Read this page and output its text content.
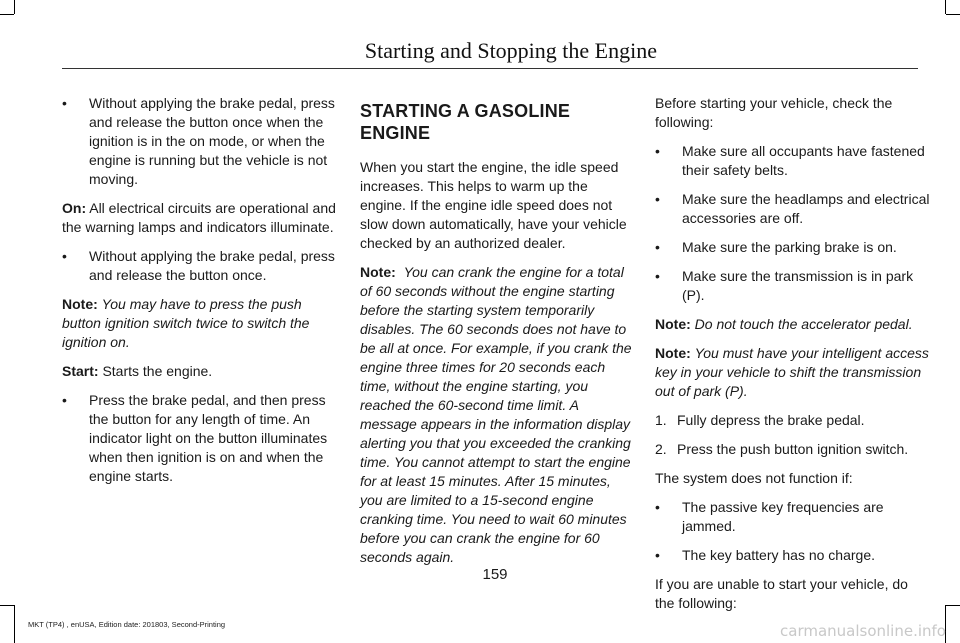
Starting and Stopping the Engine
•	Without applying the brake pedal, press and release the button once when the ignition is in the on mode, or when the engine is running but the vehicle is not moving.

On: All electrical circuits are operational and the warning lamps and indicators illuminate.

•	Without applying the brake pedal, press and release the button once.

Note: You may have to press the push button ignition switch twice to switch the ignition on.

Start: Starts the engine.

•	Press the brake pedal, and then press the button for any length of time. An indicator light on the button illuminates when then ignition is on and when the engine starts.
STARTING A GASOLINE ENGINE

When you start the engine, the idle speed increases. This helps to warm up the engine. If the engine idle speed does not slow down automatically, have your vehicle checked by an authorized dealer.

Note: You can crank the engine for a total of 60 seconds without the engine starting before the starting system temporarily disables. The 60 seconds does not have to be all at once. For example, if you crank the engine three times for 20 seconds each time, without the engine starting, you reached the 60-second time limit. A message appears in the information display alerting you that you exceeded the cranking time. You cannot attempt to start the engine for at least 15 minutes. After 15 minutes, you are limited to a 15-second engine cranking time. You need to wait 60 minutes before you can crank the engine for 60 seconds again.

Before starting your vehicle, check the following:

•	Make sure all occupants have fastened their safety belts.
•	Make sure the headlamps and electrical accessories are off.
•	Make sure the parking brake is on.
•	Make sure the transmission is in park (P).

Note: Do not touch the accelerator pedal.

Note: You must have your intelligent access key in your vehicle to shift the transmission out of park (P).

1. Fully depress the brake pedal.
2. Press the push button ignition switch.

The system does not function if:

•	The passive key frequencies are jammed.
•	The key battery has no charge.

If you are unable to start your vehicle, do the following:

159
MKT (TP4) , enUSA, Edition date: 201803, Second-Printing	carmanualsonline.info
